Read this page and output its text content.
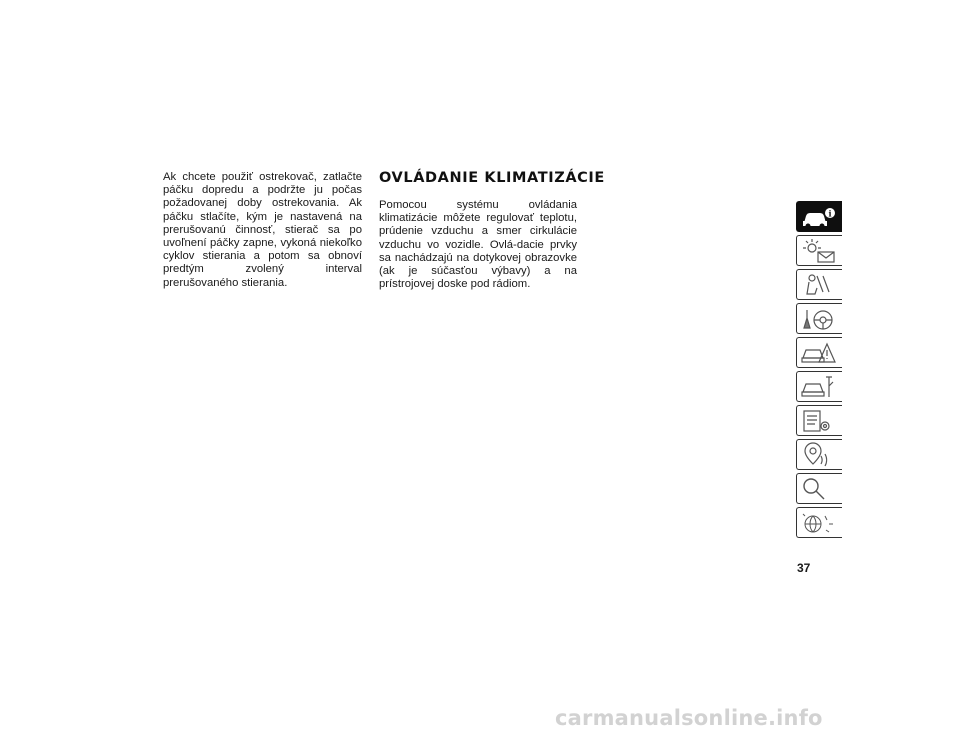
Ak chcete použiť ostrekovač, zatlačte páčku dopredu a podržte ju počas požadovanej doby ostrekovania. Ak páčku stlačíte, kým je nastavená na prerušovanú činnosť, stierač sa po uvoľnení páčky zapne, vykoná niekoľko cyklov stierania a potom sa obnoví predtým zvolený interval prerušovaného stierania.

OVLÁDANIE KLIMATIZÁCIE

Pomocou systému ovládania klimatizácie môžete regulovať teplotu, prúdenie vzduchu a smer cirkulácie vzduchu vo vozidle. Ovlá-dacie prvky sa nachádzajú na dotykovej obrazovke (ak je súčasťou výbavy) a na prístrojovej doske pod rádiom.

i
37
carmanualsonline.info
